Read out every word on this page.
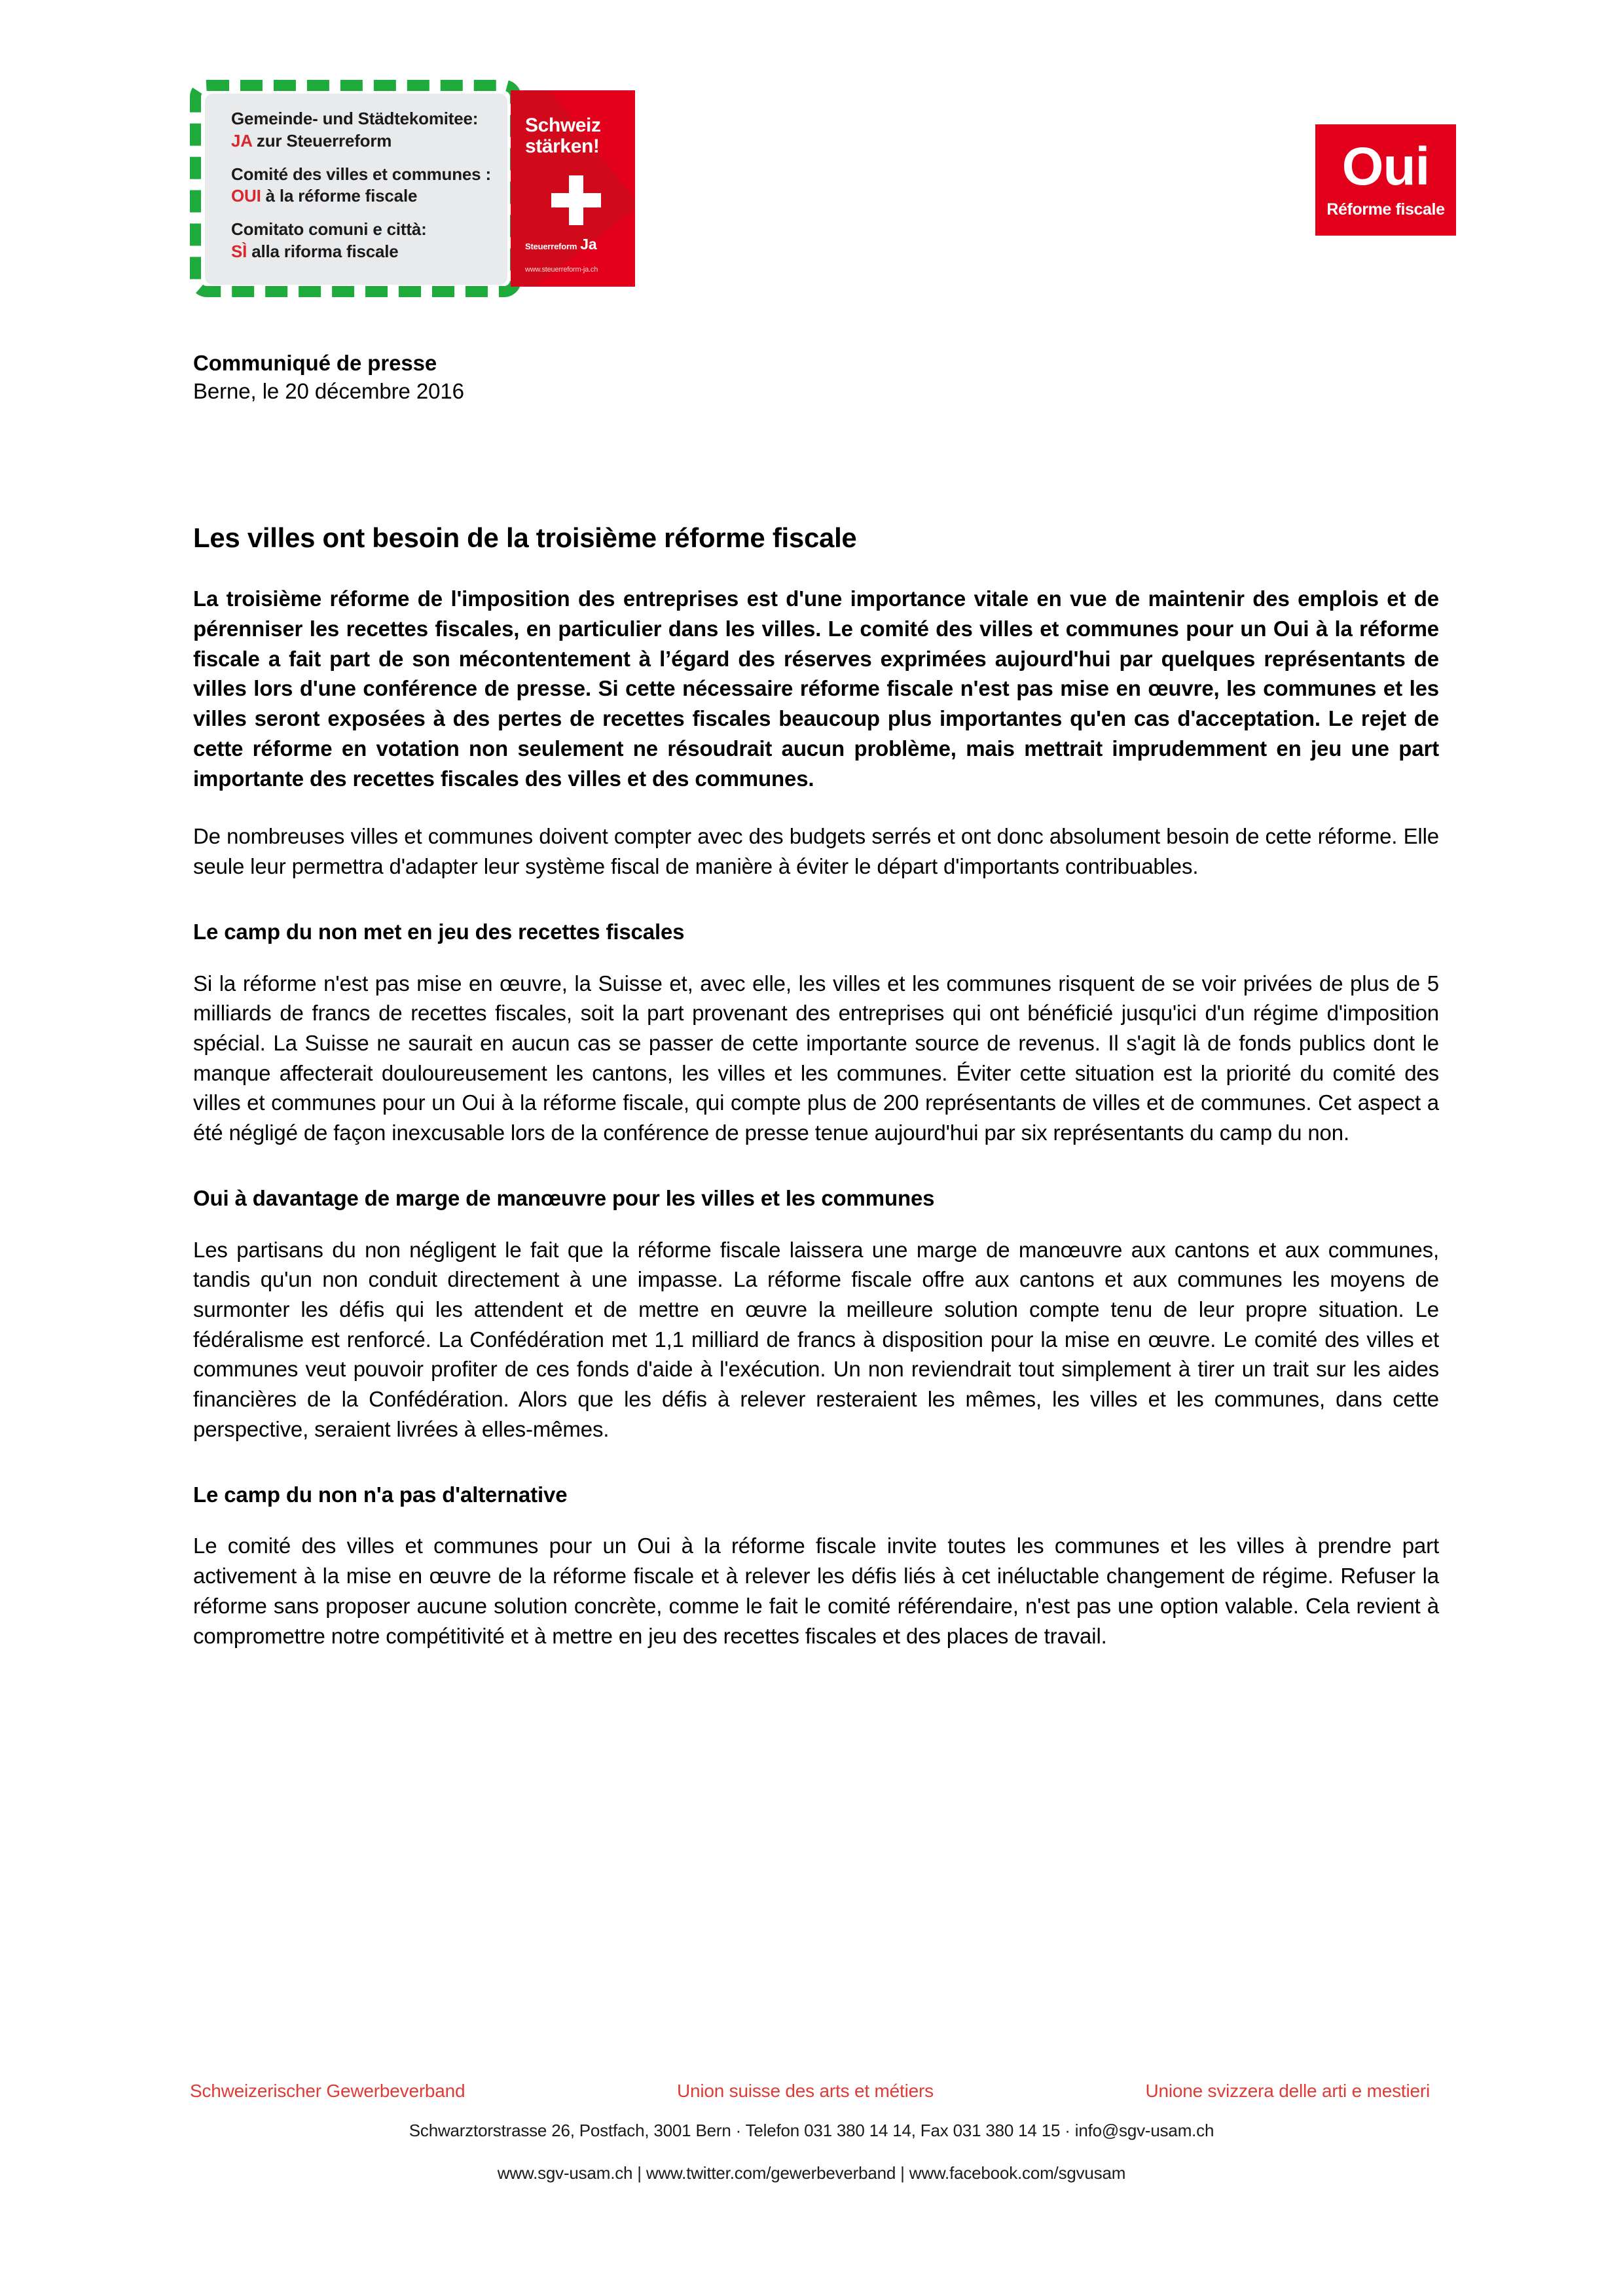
Gemeinde- und Städtekomitee:
JA zur Steuerreform
Comité des villes et communes :
OUI à la réforme fiscale
Comitato comuni e città:
SÌ alla riforma fiscale
Schweiz
stärken!
Steuerreform Ja
www.steuerreform-ja.ch
Oui
Réforme fiscale
Communiqué de presse
Berne, le 20 décembre 2016
Les villes ont besoin de la troisième réforme fiscale

La troisième réforme de l'imposition des entreprises est d'une importance vitale en vue de maintenir des emplois et de pérenniser les recettes fiscales, en particulier dans les villes. Le comité des villes et communes pour un Oui à la réforme fiscale a fait part de son mécontentement à l’égard des réserves exprimées aujourd'hui par quelques représentants de villes lors d'une conférence de presse. Si cette nécessaire réforme fiscale n'est pas mise en œuvre, les communes et les villes seront exposées à des pertes de recettes fiscales beaucoup plus importantes qu'en cas d'acceptation. Le rejet de cette réforme en votation non seulement ne résoudrait aucun problème, mais mettrait imprudemment en jeu une part importante des recettes fiscales des villes et des communes.

De nombreuses villes et communes doivent compter avec des budgets serrés et ont donc absolument besoin de cette réforme. Elle seule leur permettra d'adapter leur système fiscal de manière à éviter le départ d'importants contribuables.

Le camp du non met en jeu des recettes fiscales

Si la réforme n'est pas mise en œuvre, la Suisse et, avec elle, les villes et les communes risquent de se voir privées de plus de 5 milliards de francs de recettes fiscales, soit la part provenant des entreprises qui ont bénéficié jusqu'ici d'un régime d'imposition spécial. La Suisse ne saurait en aucun cas se passer de cette importante source de revenus. Il s'agit là de fonds publics dont le manque affecterait douloureusement les cantons, les villes et les communes. Éviter cette situation est la priorité du comité des villes et communes pour un Oui à la réforme fiscale, qui compte plus de 200 représentants de villes et de communes. Cet aspect a été négligé de façon inexcusable lors de la conférence de presse tenue aujourd'hui par six représentants du camp du non.

Oui à davantage de marge de manœuvre pour les villes et les communes

Les partisans du non négligent le fait que la réforme fiscale laissera une marge de manœuvre aux cantons et aux communes, tandis qu'un non conduit directement à une impasse. La réforme fiscale offre aux cantons et aux communes les moyens de surmonter les défis qui les attendent et de mettre en œuvre la meilleure solution compte tenu de leur propre situation. Le fédéralisme est renforcé. La Confédération met 1,1 milliard de francs à disposition pour la mise en œuvre. Le comité des villes et communes veut pouvoir profiter de ces fonds d'aide à l'exécution. Un non reviendrait tout simplement à tirer un trait sur les aides financières de la Confédération. Alors que les défis à relever resteraient les mêmes, les villes et les communes, dans cette perspective, seraient livrées à elles-mêmes.

Le camp du non n'a pas d'alternative

Le comité des villes et communes pour un Oui à la réforme fiscale invite toutes les communes et les villes à prendre part activement à la mise en œuvre de la réforme fiscale et à relever les défis liés à cet inéluctable changement de régime. Refuser la réforme sans proposer aucune solution concrète, comme le fait le comité référendaire, n'est pas une option valable. Cela revient à compromettre notre compétitivité et à mettre en jeu des recettes fiscales et des places de travail.

Schweizerischer Gewerbeverband	Union suisse des arts et métiers	Unione svizzera delle arti e mestieri
Schwarztorstrasse 26, Postfach, 3001 Bern · Telefon 031 380 14 14, Fax 031 380 14 15 · info@sgv-usam.ch
www.sgv-usam.ch | www.twitter.com/gewerbeverband | www.facebook.com/sgvusam
